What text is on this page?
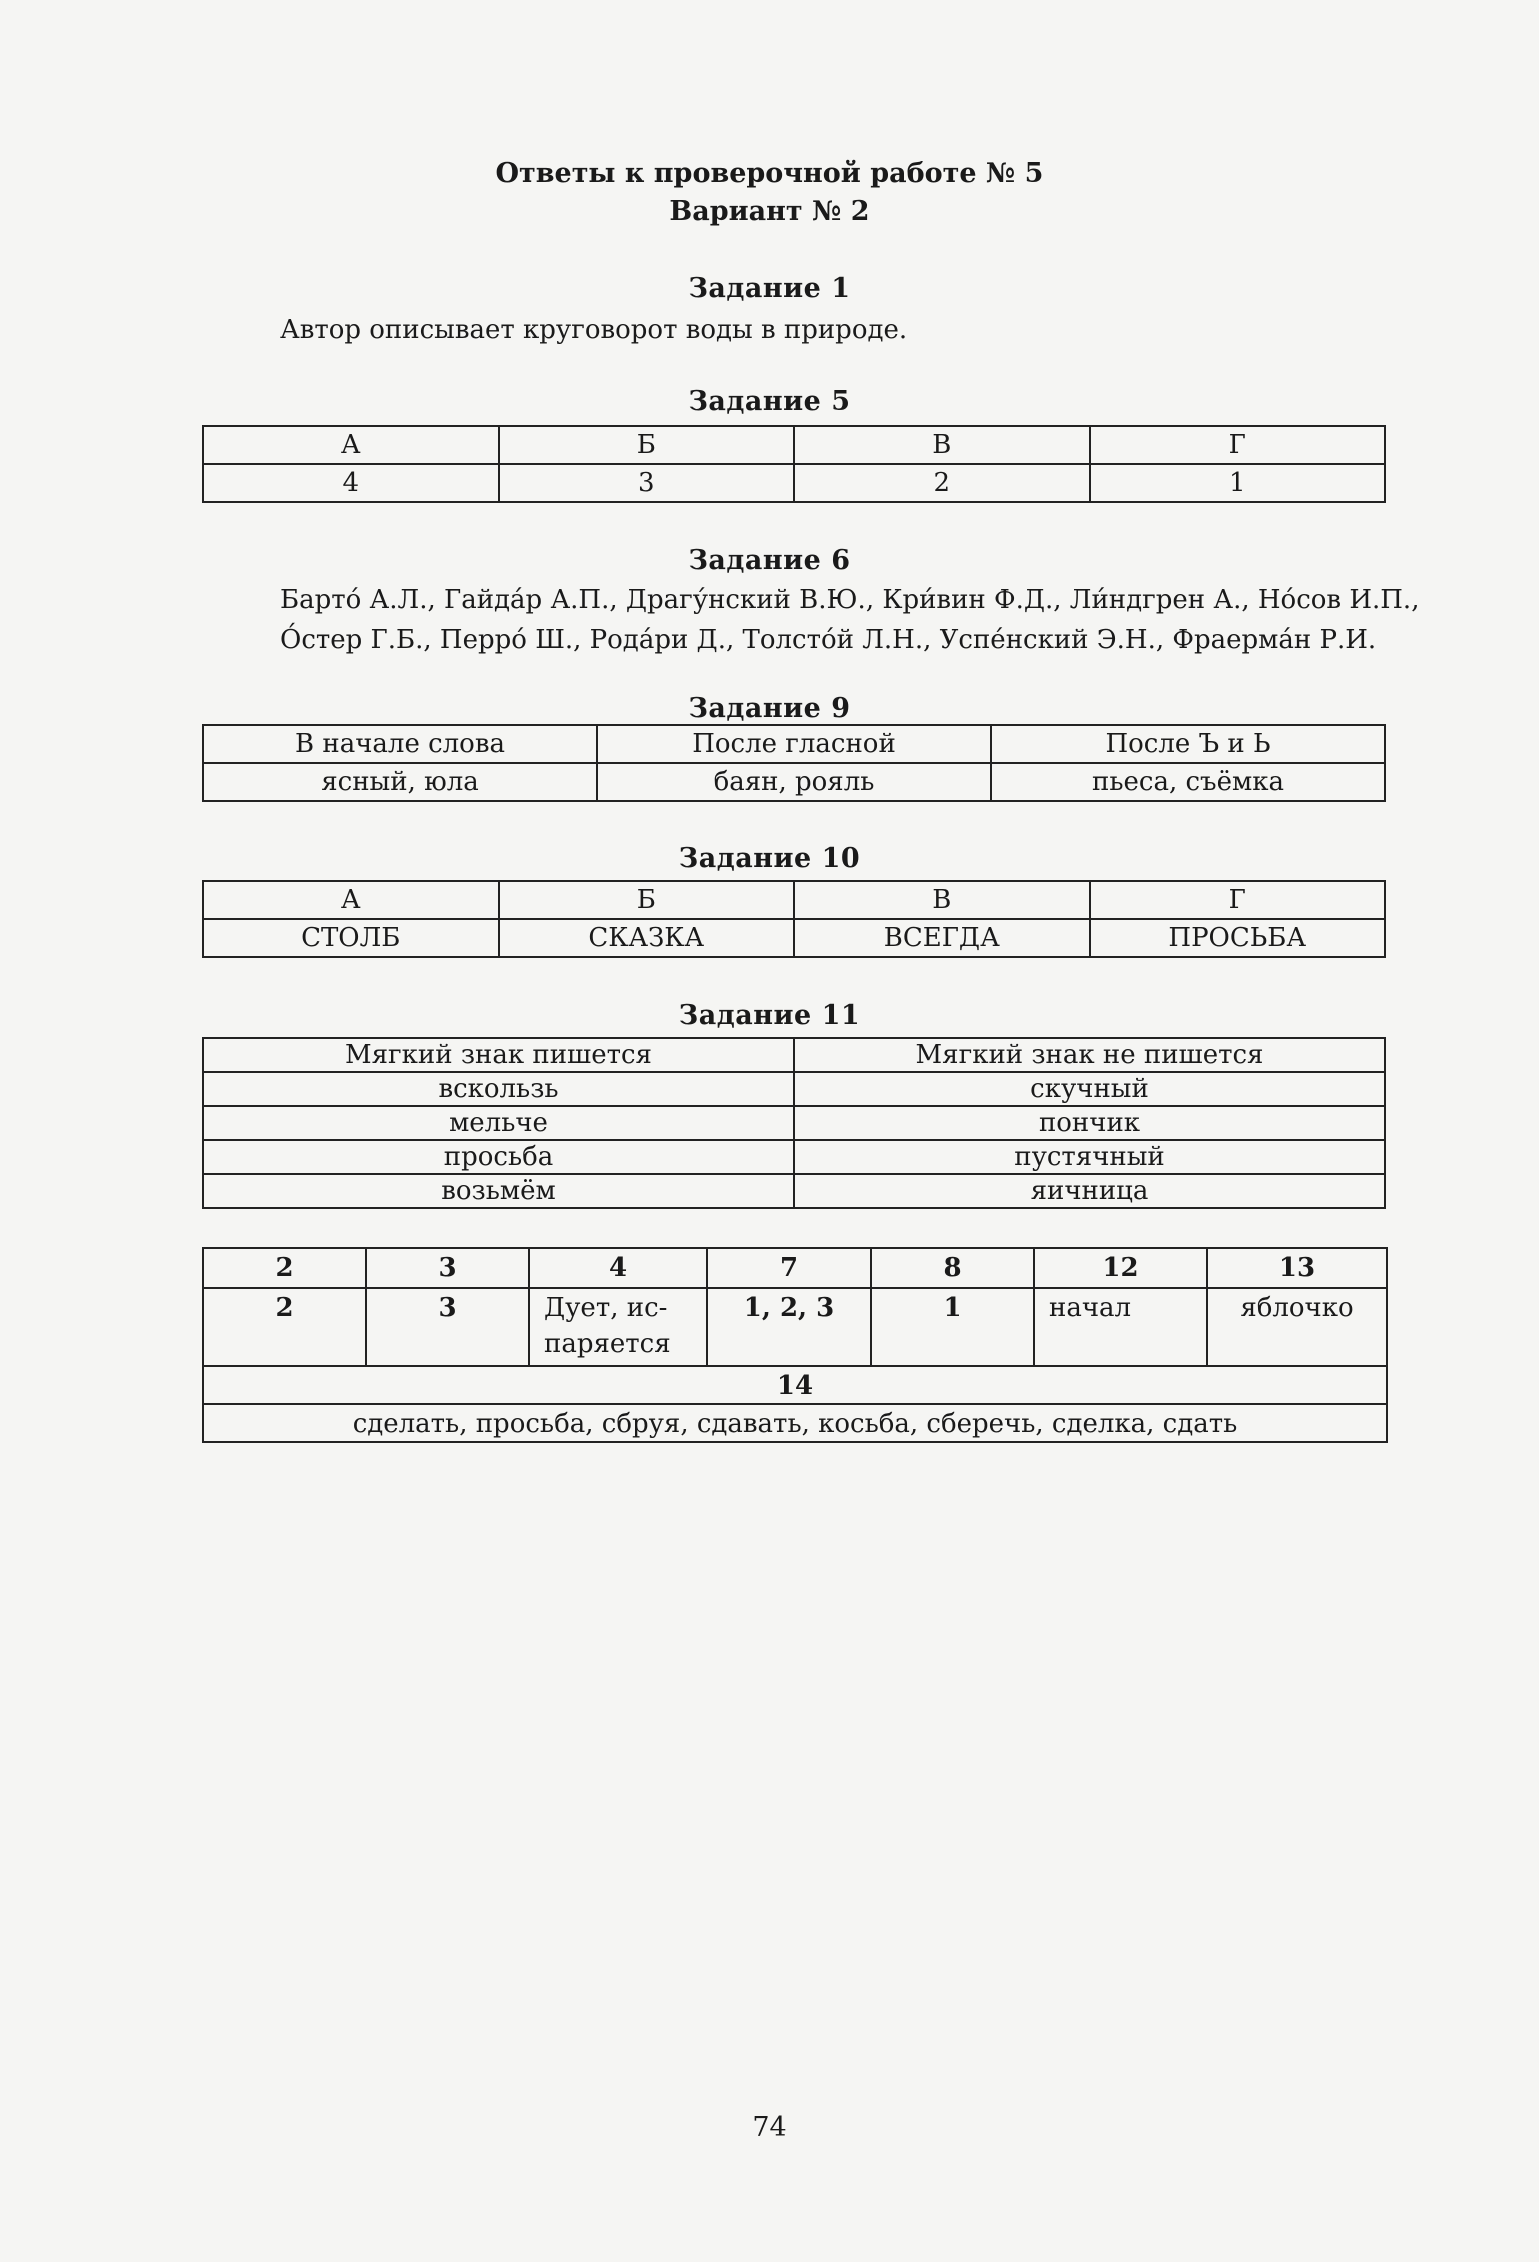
Ответы к проверочной работе № 5
Вариант № 2
Задание 1
Автор описывает круговорот воды в природе.
Задание 5
А	Б	В	Г
4	3	2	1
Задание 6
Барто́ А.Л., Гайда́р А.П., Драгу́нский В.Ю., Кри́вин Ф.Д., Ли́ндгрен А., Но́сов И.П.,
О́стер Г.Б., Перро́ Ш., Рода́ри Д., Толсто́й Л.Н., Успе́нский Э.Н., Фраерма́н Р.И.
Задание 9
В начале слова	После гласной	После Ъ и Ь
ясный, юла	баян, рояль	пьеса, съёмка
Задание 10
А	Б	В	Г
СТОЛБ	СКАЗКА	ВСЕГДА	ПРОСЬБА
Задание 11
Мягкий знак пишется	Мягкий знак не пишется
вскользь	скучный
мельче	пончик
просьба	пустячный
возьмём	яичница
2	3	4	7	8	12	13
2	3	Дует, ис-
паряется	1, 2, 3	1	начал	яблочко
14						
сделать, просьба, сбруя, сдавать, косьба, сберечь, сделка, сдать						
74
